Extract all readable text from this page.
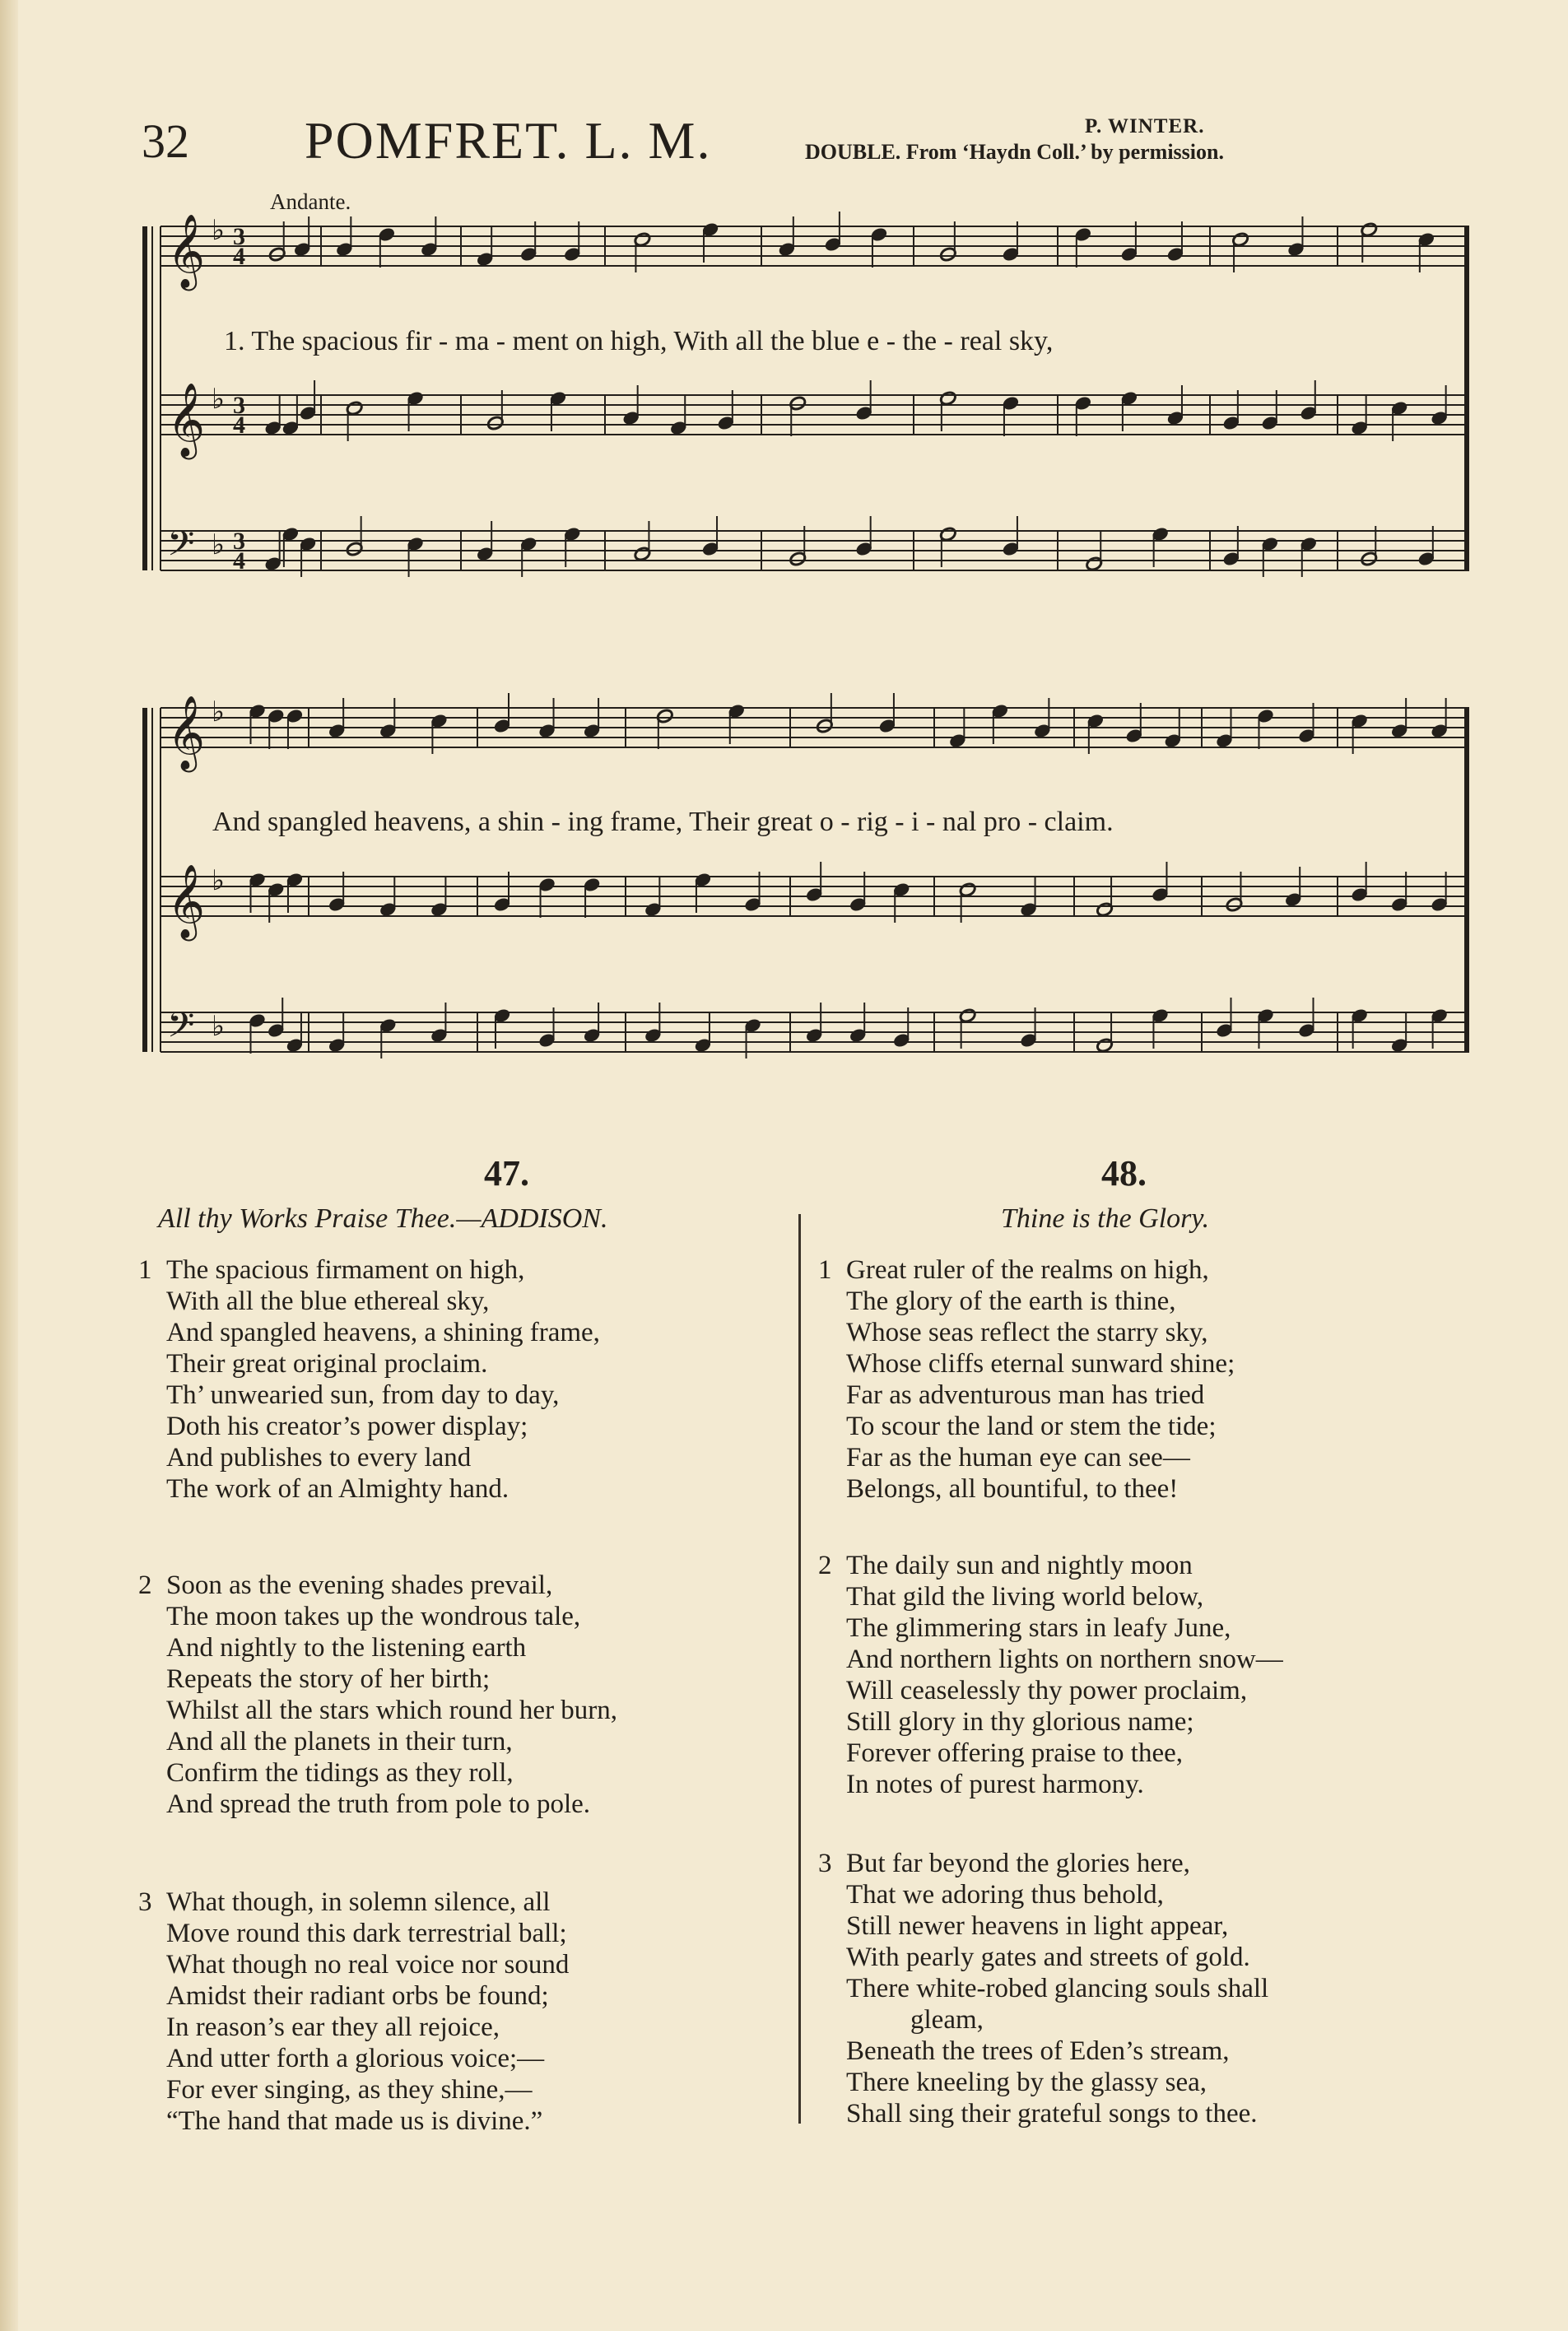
32 POMFRET. L. M.	P. WINTER.
DOUBLE. From ‘Haydn Coll.’ by permission.
Andante.
𝄞 ♭ 3
4
𝄞 ♭ 3
4
𝄢 ♭ 3
4
𝄞 ♭
𝄞 ♭
𝄢 ♭
1. The spacious fir - ma - ment on high, With all the blue e - the - real sky,
And spangled heavens, a shin - ing frame, Their great o - rig - i - nal pro - claim.
47.	48.
All thy Works Praise Thee.—ADDISON.	Thine is the Glory.
1 The spacious firmament on high,
With all the blue ethereal sky,
And spangled heavens, a shining frame,
Their great original proclaim.
Th’ unwearied sun, from day to day,
Doth his creator’s power display;
And publishes to every land
The work of an Almighty hand.
2 Soon as the evening shades prevail,
The moon takes up the wondrous tale,
And nightly to the listening earth
Repeats the story of her birth;
Whilst all the stars which round her burn,
And all the planets in their turn,
Confirm the tidings as they roll,
And spread the truth from pole to pole.
3 What though, in solemn silence, all
Move round this dark terrestrial ball;
What though no real voice nor sound
Amidst their radiant orbs be found;
In reason’s ear they all rejoice,
And utter forth a glorious voice;—
For ever singing, as they shine,—
“The hand that made us is divine.”
1 Great ruler of the realms on high,
The glory of the earth is thine,
Whose seas reflect the starry sky,
Whose cliffs eternal sunward shine;
Far as adventurous man has tried
To scour the land or stem the tide;
Far as the human eye can see—
Belongs, all bountiful, to thee!
2 The daily sun and nightly moon
That gild the living world below,
The glimmering stars in leafy June,
And northern lights on northern snow—
Will ceaselessly thy power proclaim,
Still glory in thy glorious name;
Forever offering praise to thee,
In notes of purest harmony.
3 But far beyond the glories here,
That we adoring thus behold,
Still newer heavens in light appear,
With pearly gates and streets of gold.
There white-robed glancing souls shall
gleam,
Beneath the trees of Eden’s stream,
There kneeling by the glassy sea,
Shall sing their grateful songs to thee.
